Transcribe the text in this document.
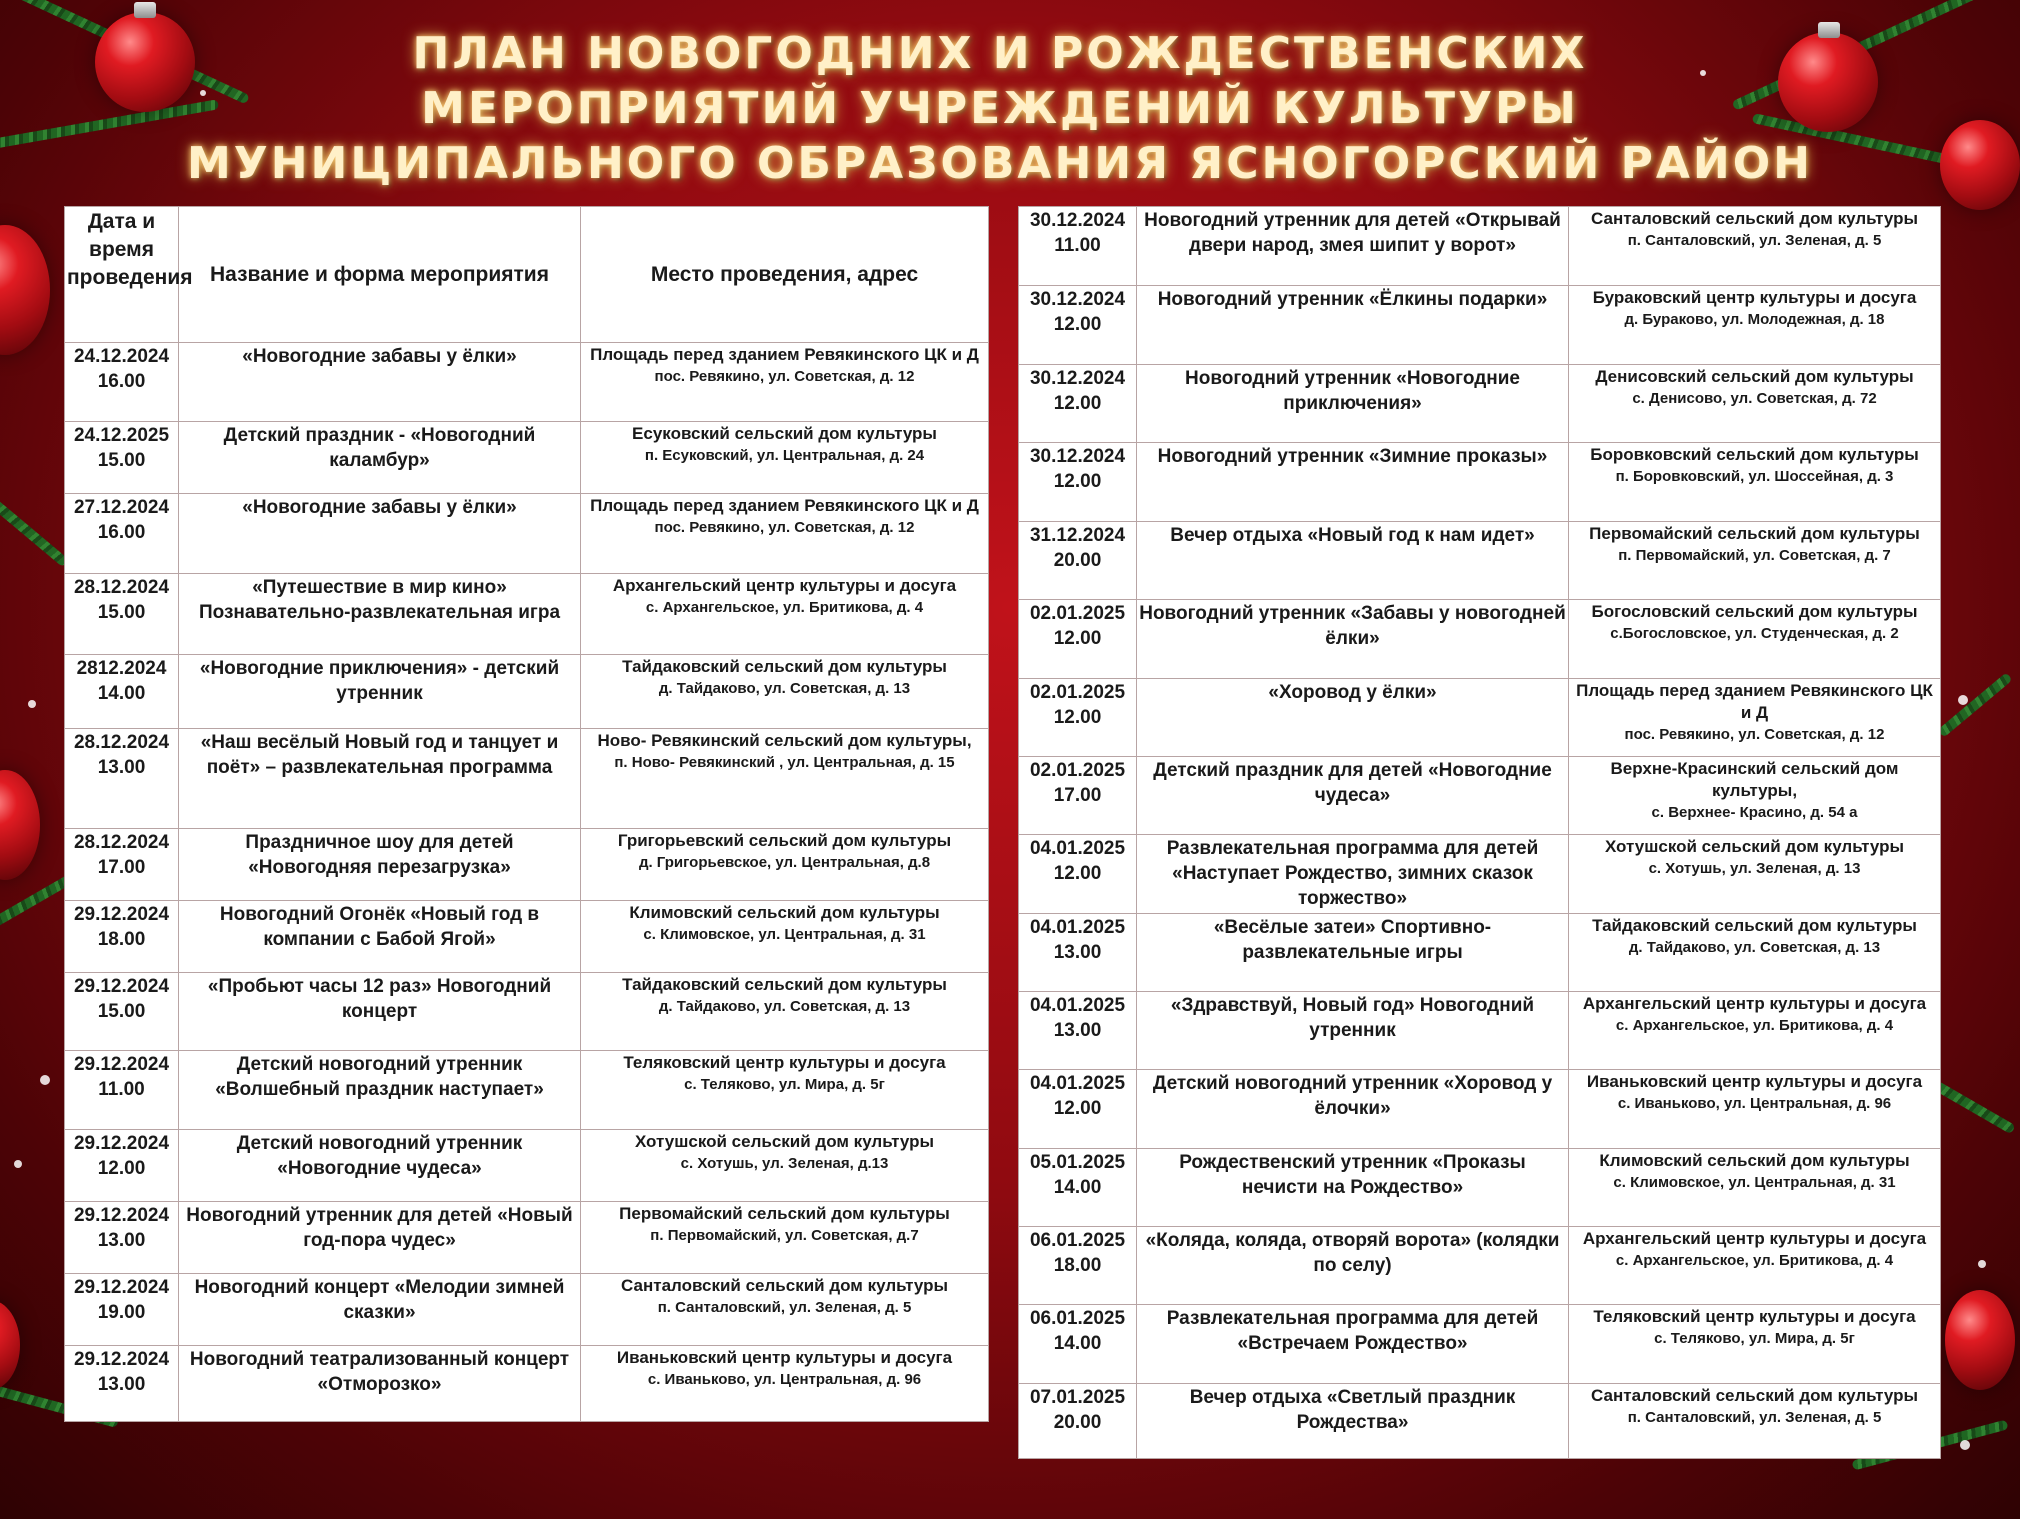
ПЛАН НОВОГОДНИХ И РОЖДЕСТВЕНСКИХ
МЕРОПРИЯТИЙ УЧРЕЖДЕНИЙ КУЛЬТУРЫ
МУНИЦИПАЛЬНОГО ОБРАЗОВАНИЯ ЯСНОГОРСКИЙ РАЙОН
Дата и время проведения	Название и форма мероприятия	Место проведения, адрес
24.12.2024 16.00	«Новогодние забавы у ёлки»	Площадь перед зданием Ревякинского ЦК и Д
пос. Ревякино, ул. Советская, д. 12

24.12.2025 15.00	Детский праздник - «Новогодний каламбур»	Есуковский сельский дом культуры
п. Есуковский, ул. Центральная, д. 24

27.12.2024 16.00	«Новогодние забавы у ёлки»	Площадь перед зданием Ревякинского ЦК и Д
пос. Ревякино, ул. Советская, д. 12

28.12.2024 15.00	«Путешествие в мир кино» Познавательно-развлекательная игра	Архангельский центр культуры и досуга
с. Архангельское, ул. Бритикова, д. 4

2812.2024 14.00	«Новогодние приключения» - детский утренник	Тайдаковский сельский дом культуры
д. Тайдаково, ул. Советская, д. 13

28.12.2024 13.00	«Наш весёлый Новый год и танцует и поёт» – развлекательная программа	Ново- Ревякинский сельский дом культуры,
п. Ново- Ревякинский , ул. Центральная, д. 15

28.12.2024 17.00	Праздничное шоу для детей «Новогодняя перезагрузка»	Григорьевский сельский дом культуры
д. Григорьевское, ул. Центральная, д.8

29.12.2024 18.00	Новогодний Огонёк «Новый год в компании с Бабой Ягой»	Климовский сельский дом культуры
с. Климовское, ул. Центральная, д. 31

29.12.2024 15.00	«Пробьют часы 12 раз» Новогодний концерт	Тайдаковский сельский дом культуры
д. Тайдаково, ул. Советская, д. 13

29.12.2024 11.00	Детский новогодний утренник «Волшебный праздник наступает»	Теляковский центр культуры и досуга
с. Теляково, ул. Мира, д. 5г

29.12.2024 12.00	Детский новогодний утренник «Новогодние чудеса»	Хотушской сельский дом культуры
с. Хотушь, ул. Зеленая, д.13

29.12.2024 13.00	Новогодний утренник для детей «Новый год-пора чудес»	Первомайский сельский дом культуры
п. Первомайский, ул. Советская, д.7

29.12.2024 19.00	Новогодний концерт «Мелодии зимней сказки»	Санталовский сельский дом культуры
п. Санталовский, ул. Зеленая, д. 5

29.12.2024 13.00	Новогодний театрализованный концерт «Отморозко»	Иваньковский центр культуры и досуга
с. Иваньково, ул. Центральная, д. 96
30.12.2024 11.00	Новогодний утренник для детей «Открывай двери народ, змея шипит у ворот»	Санталовский сельский дом культуры
п. Санталовский, ул. Зеленая, д. 5

30.12.2024 12.00	Новогодний утренник «Ёлкины подарки»	Бураковский центр культуры и досуга
д. Бураково, ул. Молодежная, д. 18

30.12.2024 12.00	Новогодний утренник «Новогодние приключения»	Денисовский сельский дом культуры
с. Денисово, ул. Советская, д. 72

30.12.2024 12.00	Новогодний утренник «Зимние проказы»	Боровковский сельский дом культуры
п. Боровковский, ул. Шоссейная, д. 3

31.12.2024 20.00	Вечер отдыха «Новый год к нам идет»	Первомайский сельский дом культуры
п. Первомайский, ул. Советская, д. 7

02.01.2025 12.00	Новогодний утренник «Забавы у новогодней ёлки»	Богословский сельский дом культуры
с.Богословское, ул. Студенческая, д. 2

02.01.2025 12.00	«Хоровод у ёлки»	Площадь перед зданием Ревякинского ЦК и Д
пос. Ревякино, ул. Советская, д. 12

02.01.2025 17.00	Детский праздник для детей «Новогодние чудеса»	Верхне-Красинский сельский дом культуры,
с. Верхнее- Красино, д. 54 а

04.01.2025 12.00	Развлекательная программа для детей «Наступает Рождество, зимних сказок торжество»	Хотушской сельский дом культуры
с. Хотушь, ул. Зеленая, д. 13

04.01.2025 13.00	«Весёлые затеи» Спортивно-развлекательные игры	Тайдаковский сельский дом культуры
д. Тайдаково, ул. Советская, д. 13

04.01.2025 13.00	«Здравствуй, Новый год» Новогодний утренник	Архангельский центр культуры и досуга
с. Архангельское, ул. Бритикова, д. 4

04.01.2025 12.00	Детский новогодний утренник «Хоровод у ёлочки»	Иваньковский центр культуры и досуга
с. Иваньково, ул. Центральная, д. 96

05.01.2025 14.00	Рождественский утренник «Проказы нечисти на Рождество»	Климовский сельский дом культуры
с. Климовское, ул. Центральная, д. 31

06.01.2025 18.00	«Коляда, коляда, отворяй ворота» (колядки по селу)	Архангельский центр культуры и досуга
с. Архангельское, ул. Бритикова, д. 4

06.01.2025 14.00	Развлекательная программа для детей «Встречаем Рождество»	Теляковский центр культуры и досуга
с. Теляково, ул. Мира, д. 5г

07.01.2025 20.00	Вечер отдыха «Светлый праздник Рождества»	Санталовский сельский дом культуры
п. Санталовский, ул. Зеленая, д. 5
